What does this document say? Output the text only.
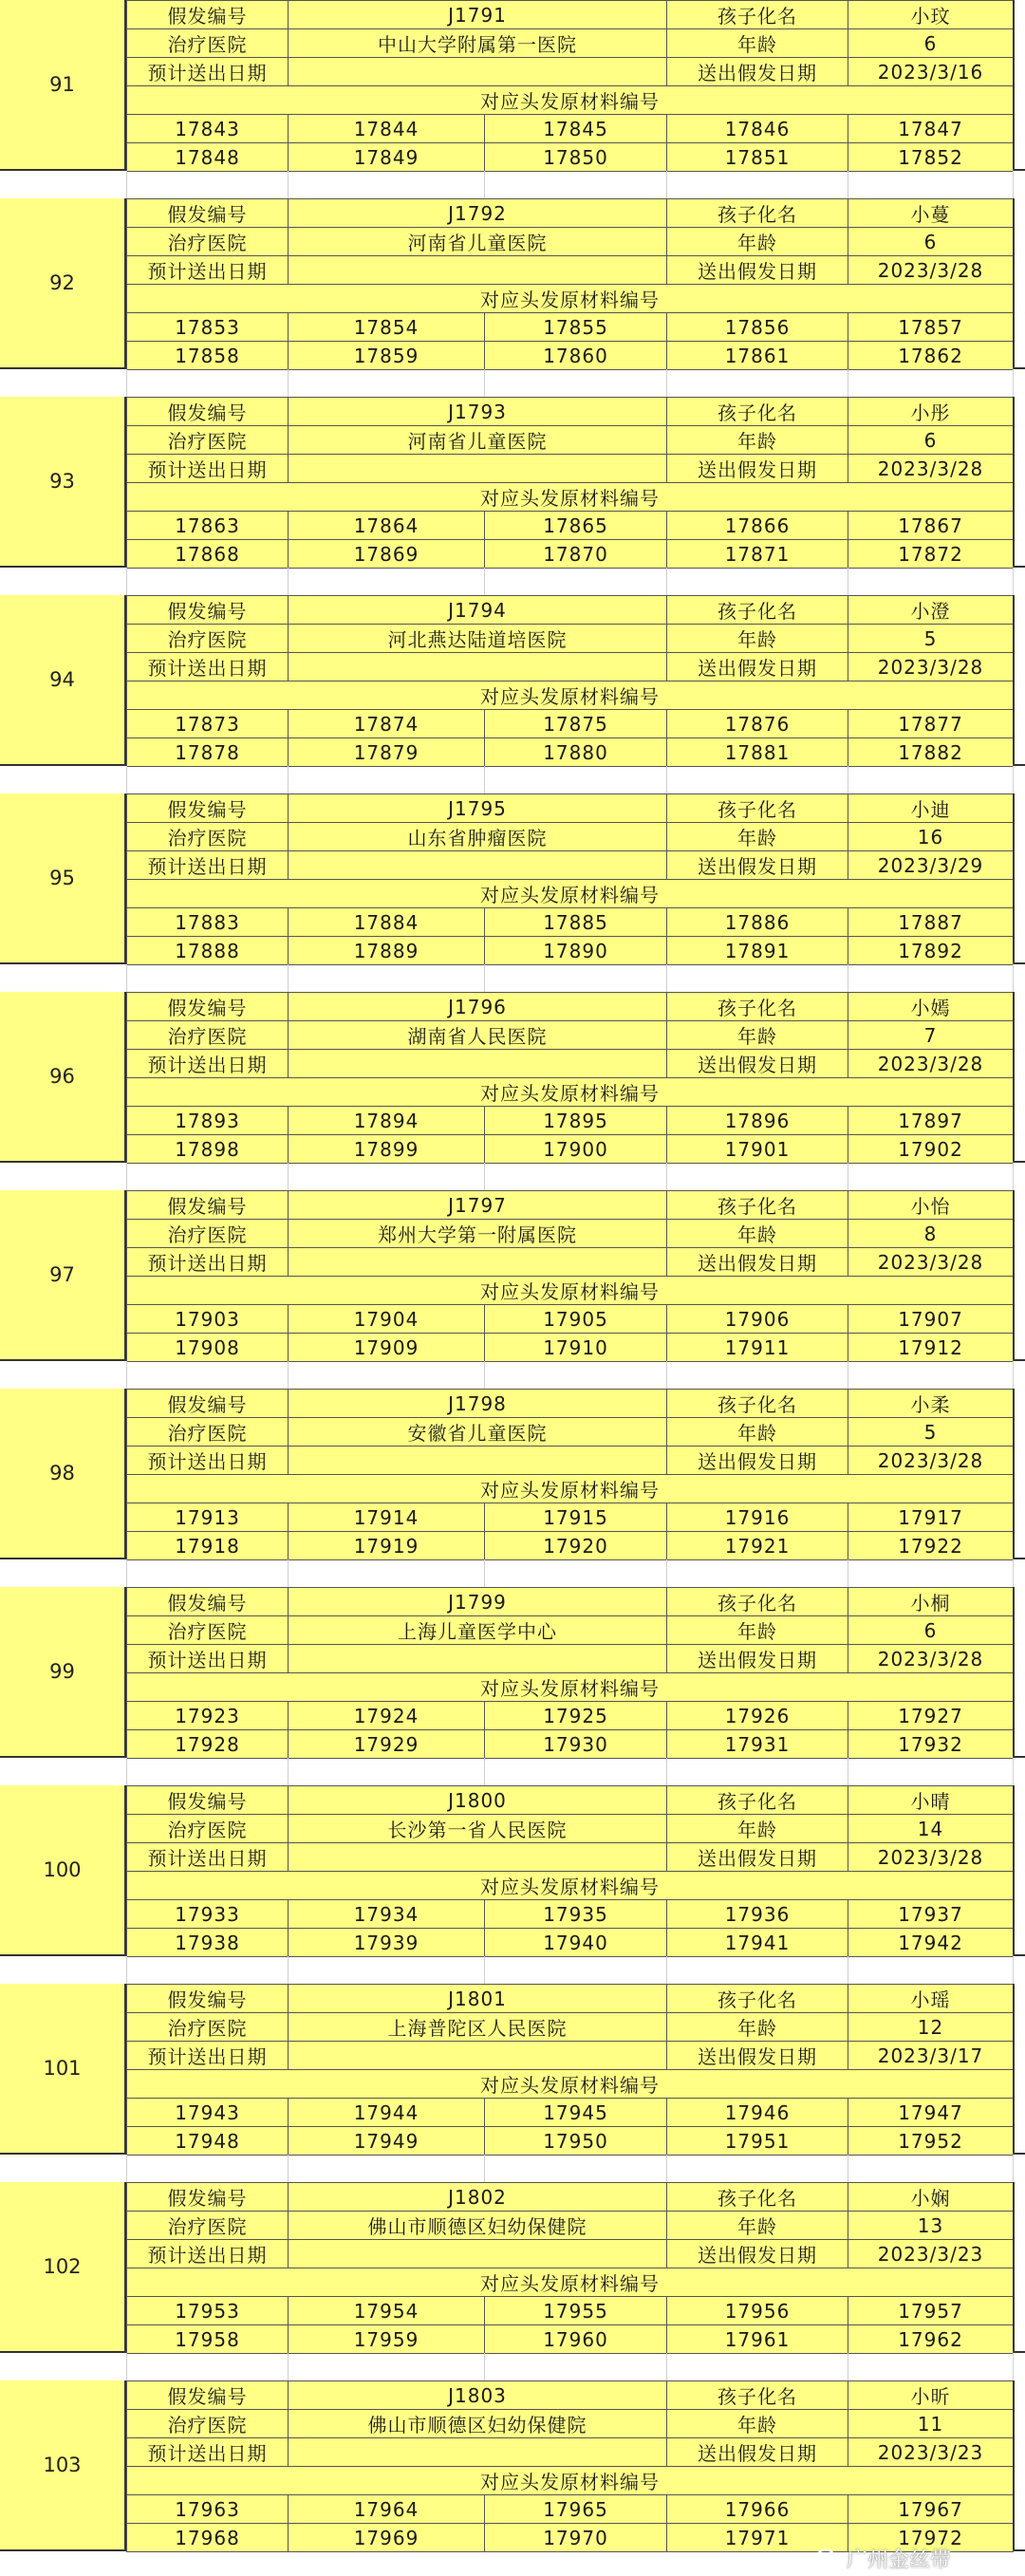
91
假发编号	J1791		孩子化名	小玟
治疗医院	中山大学附属第一医院		年龄	6
预计送出日期			送出假发日期	2023/3/16
对应头发原材料编号				
17843	17844	17845	17846	17847
17848	17849	17850	17851	17852
92
假发编号	J1792		孩子化名	小蔓
治疗医院	河南省儿童医院		年龄	6
预计送出日期			送出假发日期	2023/3/28
对应头发原材料编号				
17853	17854	17855	17856	17857
17858	17859	17860	17861	17862
93
假发编号	J1793		孩子化名	小彤
治疗医院	河南省儿童医院		年龄	6
预计送出日期			送出假发日期	2023/3/28
对应头发原材料编号				
17863	17864	17865	17866	17867
17868	17869	17870	17871	17872
94
假发编号	J1794		孩子化名	小澄
治疗医院	河北燕达陆道培医院		年龄	5
预计送出日期			送出假发日期	2023/3/28
对应头发原材料编号				
17873	17874	17875	17876	17877
17878	17879	17880	17881	17882
95
假发编号	J1795		孩子化名	小迪
治疗医院	山东省肿瘤医院		年龄	16
预计送出日期			送出假发日期	2023/3/29
对应头发原材料编号				
17883	17884	17885	17886	17887
17888	17889	17890	17891	17892
96
假发编号	J1796		孩子化名	小嫣
治疗医院	湖南省人民医院		年龄	7
预计送出日期			送出假发日期	2023/3/28
对应头发原材料编号				
17893	17894	17895	17896	17897
17898	17899	17900	17901	17902
97
假发编号	J1797		孩子化名	小怡
治疗医院	郑州大学第一附属医院		年龄	8
预计送出日期			送出假发日期	2023/3/28
对应头发原材料编号				
17903	17904	17905	17906	17907
17908	17909	17910	17911	17912
98
假发编号	J1798		孩子化名	小柔
治疗医院	安徽省儿童医院		年龄	5
预计送出日期			送出假发日期	2023/3/28
对应头发原材料编号				
17913	17914	17915	17916	17917
17918	17919	17920	17921	17922
99
假发编号	J1799		孩子化名	小桐
治疗医院	上海儿童医学中心		年龄	6
预计送出日期			送出假发日期	2023/3/28
对应头发原材料编号				
17923	17924	17925	17926	17927
17928	17929	17930	17931	17932
100
假发编号	J1800		孩子化名	小晴
治疗医院	长沙第一省人民医院		年龄	14
预计送出日期			送出假发日期	2023/3/28
对应头发原材料编号				
17933	17934	17935	17936	17937
17938	17939	17940	17941	17942
101
假发编号	J1801		孩子化名	小瑶
治疗医院	上海普陀区人民医院		年龄	12
预计送出日期			送出假发日期	2023/3/17
对应头发原材料编号				
17943	17944	17945	17946	17947
17948	17949	17950	17951	17952
102
假发编号	J1802		孩子化名	小娴
治疗医院	佛山市顺德区妇幼保健院		年龄	13
预计送出日期			送出假发日期	2023/3/23
对应头发原材料编号				
17953	17954	17955	17956	17957
17958	17959	17960	17961	17962
103
假发编号	J1803		孩子化名	小昕
治疗医院	佛山市顺德区妇幼保健院		年龄	11
预计送出日期			送出假发日期	2023/3/23
对应头发原材料编号				
17963	17964	17965	17966	17967
17968	17969	17970	17971	17972
广州金丝带
